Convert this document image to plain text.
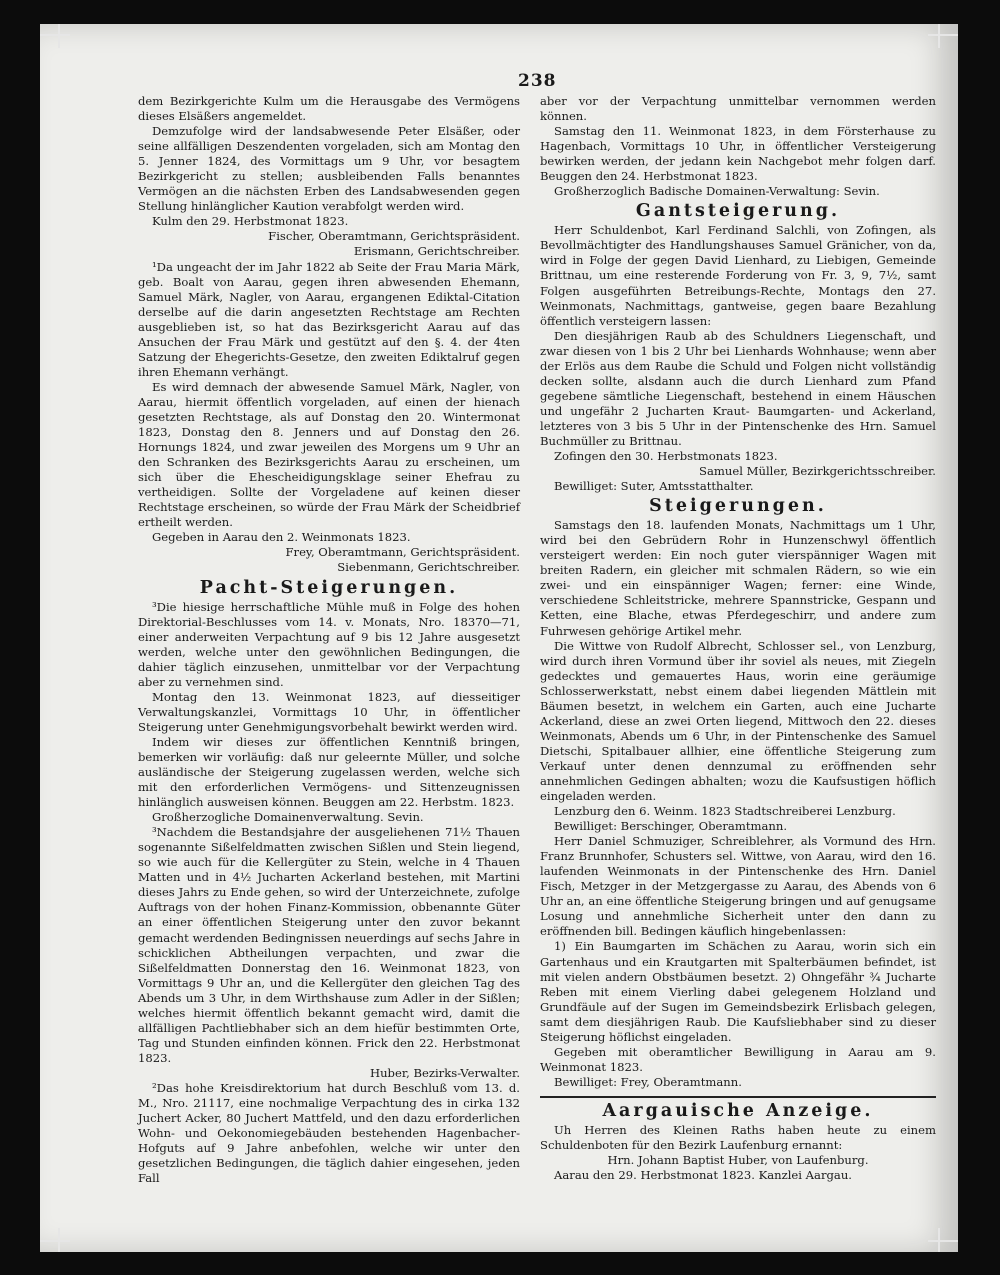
238

dem Bezirkgerichte Kulm um die Herausgabe des Vermögens dieses Elsäßers angemeldet.

Demzufolge wird der landsabwesende Peter Elsäßer, oder seine allfälligen Deszendenten vorgeladen, sich am Montag den 5. Jenner 1824, des Vormittags um 9 Uhr, vor besagtem Bezirkgericht zu stellen; ausbleibenden Falls benanntes Vermögen an die nächsten Erben des Landsabwesenden gegen Stellung hinlänglicher Kaution verabfolgt werden wird.

Kulm den 29. Herbstmonat 1823.

Fischer, Oberamtmann, Gerichtspräsident.

Erismann, Gerichtschreiber.

¹Da ungeacht der im Jahr 1822 ab Seite der Frau Maria Märk, geb. Boalt von Aarau, gegen ihren abwesenden Ehemann, Samuel Märk, Nagler, von Aarau, ergangenen Ediktal-Citation derselbe auf die darin angesetzten Rechtstage am Rechten ausgeblieben ist, so hat das Bezirksgericht Aarau auf das Ansuchen der Frau Märk und gestützt auf den §. 4. der 4ten Satzung der Ehegerichts-Gesetze, den zweiten Ediktalruf gegen ihren Ehemann verhängt.

Es wird demnach der abwesende Samuel Märk, Nagler, von Aarau, hiermit öffentlich vorgeladen, auf einen der hienach gesetzten Rechtstage, als auf Donstag den 20. Wintermonat 1823, Donstag den 8. Jenners und auf Donstag den 26. Hornungs 1824, und zwar jeweilen des Morgens um 9 Uhr an den Schranken des Bezirksgerichts Aarau zu erscheinen, um sich über die Ehescheidigungsklage seiner Ehefrau zu vertheidigen. Sollte der Vorgeladene auf keinen dieser Rechtstage erscheinen, so würde der Frau Märk der Scheidbrief ertheilt werden.

Gegeben in Aarau den 2. Weinmonats 1823.

Frey, Oberamtmann, Gerichtspräsident.

Siebenmann, Gerichtschreiber.

Pacht-Steigerungen.

³Die hiesige herrschaftliche Mühle muß in Folge des hohen Direktorial-Beschlusses vom 14. v. Monats, Nro. 18370—71, einer anderweiten Verpachtung auf 9 bis 12 Jahre ausgesetzt werden, welche unter den gewöhnlichen Bedingungen, die dahier täglich einzusehen, unmittelbar vor der Verpachtung aber zu vernehmen sind.

Montag den 13. Weinmonat 1823, auf diesseitiger Verwaltungskanzlei, Vormittags 10 Uhr, in öffentlicher Steigerung unter Genehmigungsvorbehalt bewirkt werden wird.

Indem wir dieses zur öffentlichen Kenntniß bringen, bemerken wir vorläufig: daß nur geleernte Müller, und solche ausländische der Steigerung zugelassen werden, welche sich mit den erforderlichen Vermögens- und Sittenzeugnissen hinlänglich ausweisen können. Beuggen am 22. Herbstm. 1823.

Großherzogliche Domainenverwaltung. Sevin.

³Nachdem die Bestandsjahre der ausgeliehenen 71½ Thauen sogenannte Sißelfeldmatten zwischen Sißlen und Stein liegend, so wie auch für die Kellergüter zu Stein, welche in 4 Thauen Matten und in 4½ Jucharten Ackerland bestehen, mit Martini dieses Jahrs zu Ende gehen, so wird der Unterzeichnete, zufolge Auftrags von der hohen Finanz-Kommission, obbenannte Güter an einer öffentlichen Steigerung unter den zuvor bekannt gemacht werdenden Bedingnissen neuerdings auf sechs Jahre in schicklichen Abtheilungen verpachten, und zwar die Sißelfeldmatten Donnerstag den 16. Weinmonat 1823, von Vormittags 9 Uhr an, und die Kellergüter den gleichen Tag des Abends um 3 Uhr, in dem Wirthshause zum Adler in der Sißlen; welches hiermit öffentlich bekannt gemacht wird, damit die allfälligen Pachtliebhaber sich an dem hiefür bestimmten Orte, Tag und Stunden einfinden können. Frick den 22. Herbstmonat 1823.

Huber, Bezirks-Verwalter.

²Das hohe Kreisdirektorium hat durch Beschluß vom 13. d. M., Nro. 21117, eine nochmalige Verpachtung des in cirka 132 Juchert Acker, 80 Juchert Mattfeld, und den dazu erforderlichen Wohn- und Oekonomiegebäuden bestehenden Hagenbacher-Hofguts auf 9 Jahre anbefohlen, welche wir unter den gesetzlichen Bedingungen, die täglich dahier eingesehen, jeden Fall

aber vor der Verpachtung unmittelbar vernommen werden können.

Samstag den 11. Weinmonat 1823, in dem Försterhause zu Hagenbach, Vormittags 10 Uhr, in öffentlicher Versteigerung bewirken werden, der jedann kein Nachgebot mehr folgen darf. Beuggen den 24. Herbstmonat 1823.

Großherzoglich Badische Domainen-Verwaltung: Sevin.

Gantsteigerung.

Herr Schuldenbot, Karl Ferdinand Salchli, von Zofingen, als Bevollmächtigter des Handlungshauses Samuel Gränicher, von da, wird in Folge der gegen David Lienhard, zu Liebigen, Gemeinde Brittnau, um eine resterende Forderung von Fr. 3, 9, 7½, samt Folgen ausgeführten Betreibungs-Rechte, Montags den 27. Weinmonats, Nachmittags, gantweise, gegen baare Bezahlung öffentlich versteigern lassen:

Den diesjährigen Raub ab des Schuldners Liegenschaft, und zwar diesen von 1 bis 2 Uhr bei Lienhards Wohnhause; wenn aber der Erlös aus dem Raube die Schuld und Folgen nicht vollständig decken sollte, alsdann auch die durch Lienhard zum Pfand gegebene sämtliche Liegenschaft, bestehend in einem Häuschen und ungefähr 2 Jucharten Kraut- Baumgarten- und Ackerland, letzteres von 3 bis 5 Uhr in der Pintenschenke des Hrn. Samuel Buchmüller zu Brittnau.

Zofingen den 30. Herbstmonats 1823.

Samuel Müller, Bezirkgerichtsschreiber.

Bewilliget: Suter, Amtsstatthalter.

Steigerungen.

Samstags den 18. laufenden Monats, Nachmittags um 1 Uhr, wird bei den Gebrüdern Rohr in Hunzenschwyl öffentlich versteigert werden: Ein noch guter vierspänniger Wagen mit breiten Radern, ein gleicher mit schmalen Rädern, so wie ein zwei- und ein einspänniger Wagen; ferner: eine Winde, verschiedene Schleitstricke, mehrere Spannstricke, Gespann und Ketten, eine Blache, etwas Pferdegeschirr, und andere zum Fuhrwesen gehörige Artikel mehr.

Die Wittwe von Rudolf Albrecht, Schlosser sel., von Lenzburg, wird durch ihren Vormund über ihr soviel als neues, mit Ziegeln gedecktes und gemauertes Haus, worin eine geräumige Schlosserwerkstatt, nebst einem dabei liegenden Mättlein mit Bäumen besetzt, in welchem ein Garten, auch eine Jucharte Ackerland, diese an zwei Orten liegend, Mittwoch den 22. dieses Weinmonats, Abends um 6 Uhr, in der Pintenschenke des Samuel Dietschi, Spitalbauer allhier, eine öffentliche Steigerung zum Verkauf unter denen dennzumal zu eröffnenden sehr annehmlichen Gedingen abhalten; wozu die Kaufsustigen höflich eingeladen werden.

Lenzburg den 6. Weinm. 1823 Stadtschreiberei Lenzburg.

Bewilliget: Berschinger, Oberamtmann.

Herr Daniel Schmuziger, Schreiblehrer, als Vormund des Hrn. Franz Brunnhofer, Schusters sel. Wittwe, von Aarau, wird den 16. laufenden Weinmonats in der Pintenschenke des Hrn. Daniel Fisch, Metzger in der Metzgergasse zu Aarau, des Abends von 6 Uhr an, an eine öffentliche Steigerung bringen und auf genugsame Losung und annehmliche Sicherheit unter den dann zu eröffnenden bill. Bedingen käuflich hingebenlassen:

1) Ein Baumgarten im Schächen zu Aarau, worin sich ein Gartenhaus und ein Krautgarten mit Spalterbäumen befindet, ist mit vielen andern Obstbäumen besetzt. 2) Ohngefähr ¾ Jucharte Reben mit einem Vierling dabei gelegenem Holzland und Grundfäule auf der Sugen im Gemeindsbezirk Erlisbach gelegen, samt dem diesjährigen Raub. Die Kaufsliebhaber sind zu dieser Steigerung höflichst eingeladen.

Gegeben mit oberamtlicher Bewilligung in Aarau am 9. Weinmonat 1823.

Bewilliget: Frey, Oberamtmann.

Aargauische Anzeige.

Uh Herren des Kleinen Raths haben heute zu einem Schuldenboten für den Bezirk Laufenburg ernannt:

Hrn. Johann Baptist Huber, von Laufenburg.

Aarau den 29. Herbstmonat 1823. Kanzlei Aargau.
